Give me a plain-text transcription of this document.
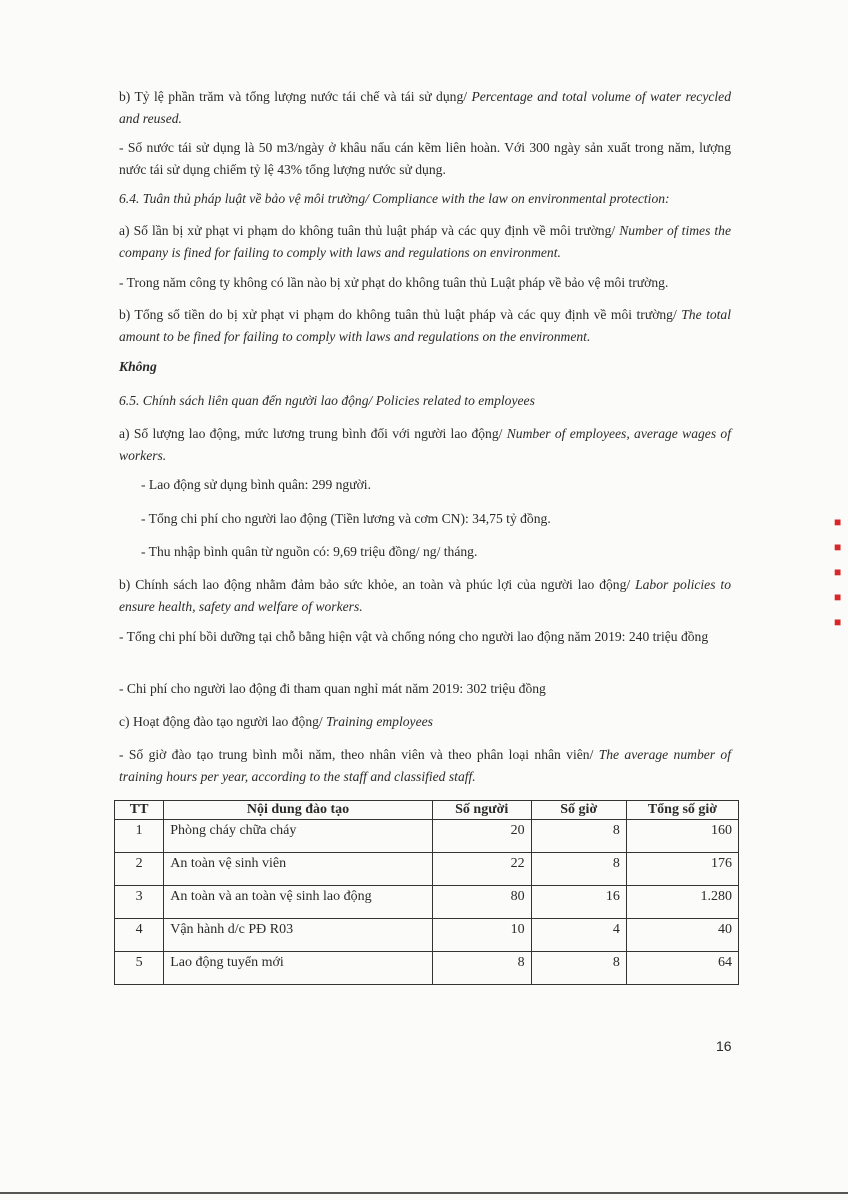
b) Tỷ lệ phần trăm và tổng lượng nước tái chế và tái sử dụng/ Percentage and total volume of water recycled and reused.

- Số nước tái sử dụng là 50 m3/ngày ở khâu nấu cán kẽm liên hoàn. Với 300 ngày sản xuất trong năm, lượng nước tái sử dụng chiếm tỷ lệ 43% tổng lượng nước sử dụng.

6.4. Tuân thủ pháp luật về bảo vệ môi trường/ Compliance with the law on environmental protection:

a) Số lần bị xử phạt vi phạm do không tuân thủ luật pháp và các quy định về môi trường/ Number of times the company is fined for failing to comply with laws and regulations on environment.

- Trong năm công ty không có lần nào bị xử phạt do không tuân thủ Luật pháp về bảo vệ môi trường.

b) Tổng số tiền do bị xử phạt vi phạm do không tuân thủ luật pháp và các quy định về môi trường/ The total amount to be fined for failing to comply with laws and regulations on the environment.

Không

6.5. Chính sách liên quan đến người lao động/ Policies related to employees

a) Số lượng lao động, mức lương trung bình đối với người lao động/ Number of employees, average wages of workers.

- Lao động sử dụng bình quân: 299 người.

- Tổng chi phí cho người lao động (Tiền lương và cơm CN): 34,75 tỷ đồng.

- Thu nhập bình quân từ nguồn có: 9,69 triệu đồng/ ng/ tháng.

b) Chính sách lao động nhằm đảm bảo sức khỏe, an toàn và phúc lợi của người lao động/ Labor policies to ensure health, safety and welfare of workers.

- Tổng chi phí bồi dưỡng tại chỗ bằng hiện vật và chống nóng cho người lao động năm 2019: 240 triệu đồng

- Chi phí cho người lao động đi tham quan nghỉ mát năm 2019: 302 triệu đồng

c) Hoạt động đào tạo người lao động/ Training employees

- Số giờ đào tạo trung bình mỗi năm, theo nhân viên và theo phân loại nhân viên/ The average number of training hours per year, according to the staff and classified staff.

TT	Nội dung đào tạo	Số người	Số giờ	Tổng số giờ
1	Phòng cháy chữa cháy	20	8	160
2	An toàn vệ sinh viên	22	8	176
3	An toàn và an toàn vệ sinh lao động	80	16	1.280
4	Vận hành d/c PĐ R03	10	4	40
5	Lao động tuyển mới	8	8	64
16
■
■
■
■
■
